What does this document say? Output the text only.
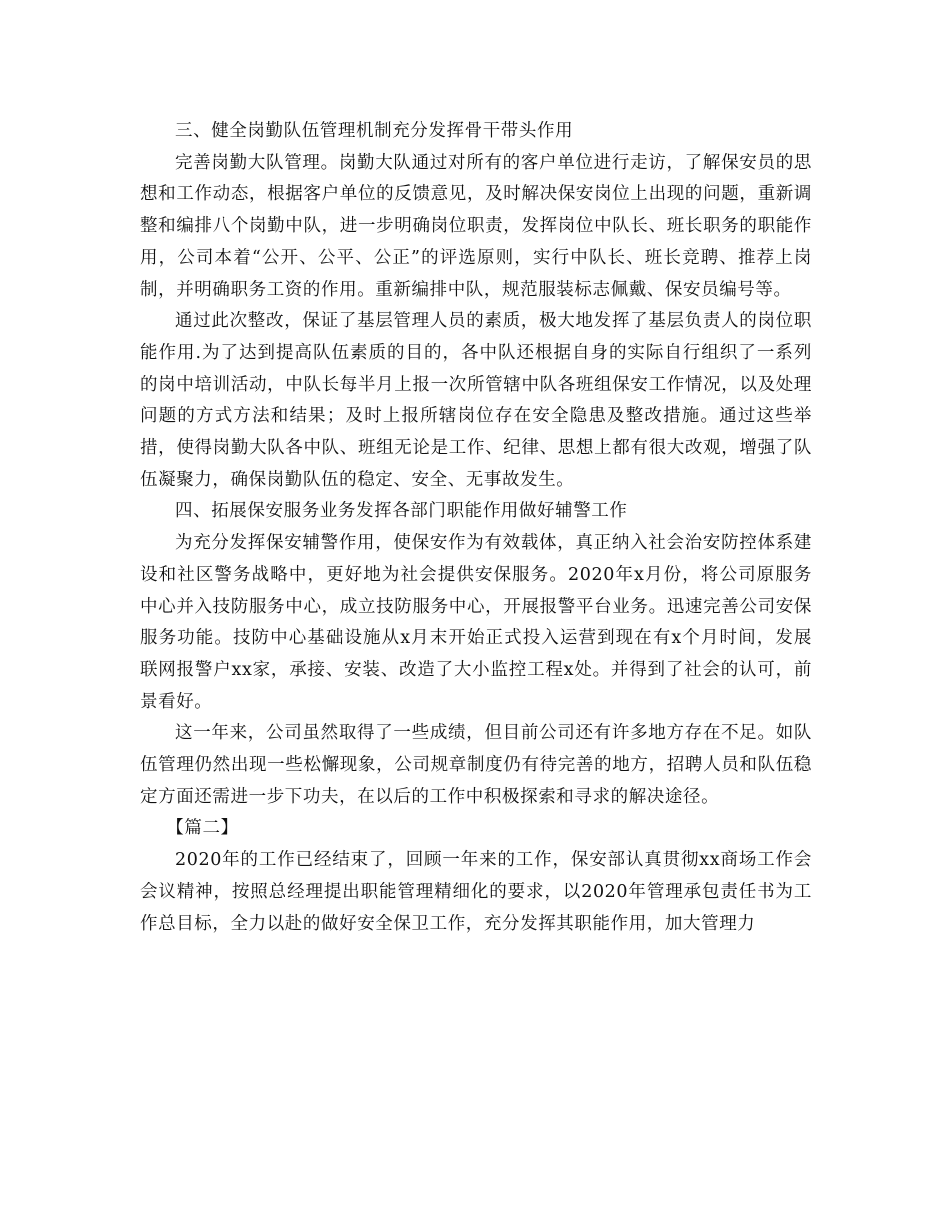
三、健全岗勤队伍管理机制充分发挥骨干带头作用

完善岗勤大队管理。岗勤大队通过对所有的客户单位进行走访，了解保安员的思想和工作动态，根据客户单位的反馈意见，及时解决保安岗位上出现的问题，重新调整和编排八个岗勤中队，进一步明确岗位职责，发挥岗位中队长、班长职务的职能作用，公司本着“公开、公平、公正”的评选原则，实行中队长、班长竞聘、推荐上岗制，并明确职务工资的作用。重新编排中队，规范服装标志佩戴、保安员编号等。

通过此次整改，保证了基层管理人员的素质，极大地发挥了基层负责人的岗位职能作用.为了达到提高队伍素质的目的，各中队还根据自身的实际自行组织了一系列的岗中培训活动，中队长每半月上报一次所管辖中队各班组保安工作情况，以及处理问题的方式方法和结果；及时上报所辖岗位存在安全隐患及整改措施。通过这些举措，使得岗勤大队各中队、班组无论是工作、纪律、思想上都有很大改观，增强了队伍凝聚力，确保岗勤队伍的稳定、安全、无事故发生。

四、拓展保安服务业务发挥各部门职能作用做好辅警工作

为充分发挥保安辅警作用，使保安作为有效载体，真正纳入社会治安防控体系建设和社区警务战略中，更好地为社会提供安保服务。2020年x月份，将公司原服务中心并入技防服务中心，成立技防服务中心，开展报警平台业务。迅速完善公司安保服务功能。技防中心基础设施从x月末开始正式投入运营到现在有x个月时间，发展联网报警户xx家，承接、安装、改造了大小监控工程x处。并得到了社会的认可，前景看好。

这一年来，公司虽然取得了一些成绩，但目前公司还有许多地方存在不足。如队伍管理仍然出现一些松懈现象，公司规章制度仍有待完善的地方，招聘人员和队伍稳定方面还需进一步下功夫，在以后的工作中积极探索和寻求的解决途径。

【篇二】

2020年的工作已经结束了，回顾一年来的工作，保安部认真贯彻xx商场工作会会议精神，按照总经理提出职能管理精细化的要求，以2020年管理承包责任书为工作总目标，全力以赴的做好安全保卫工作，充分发挥其职能作用，加大管理力
